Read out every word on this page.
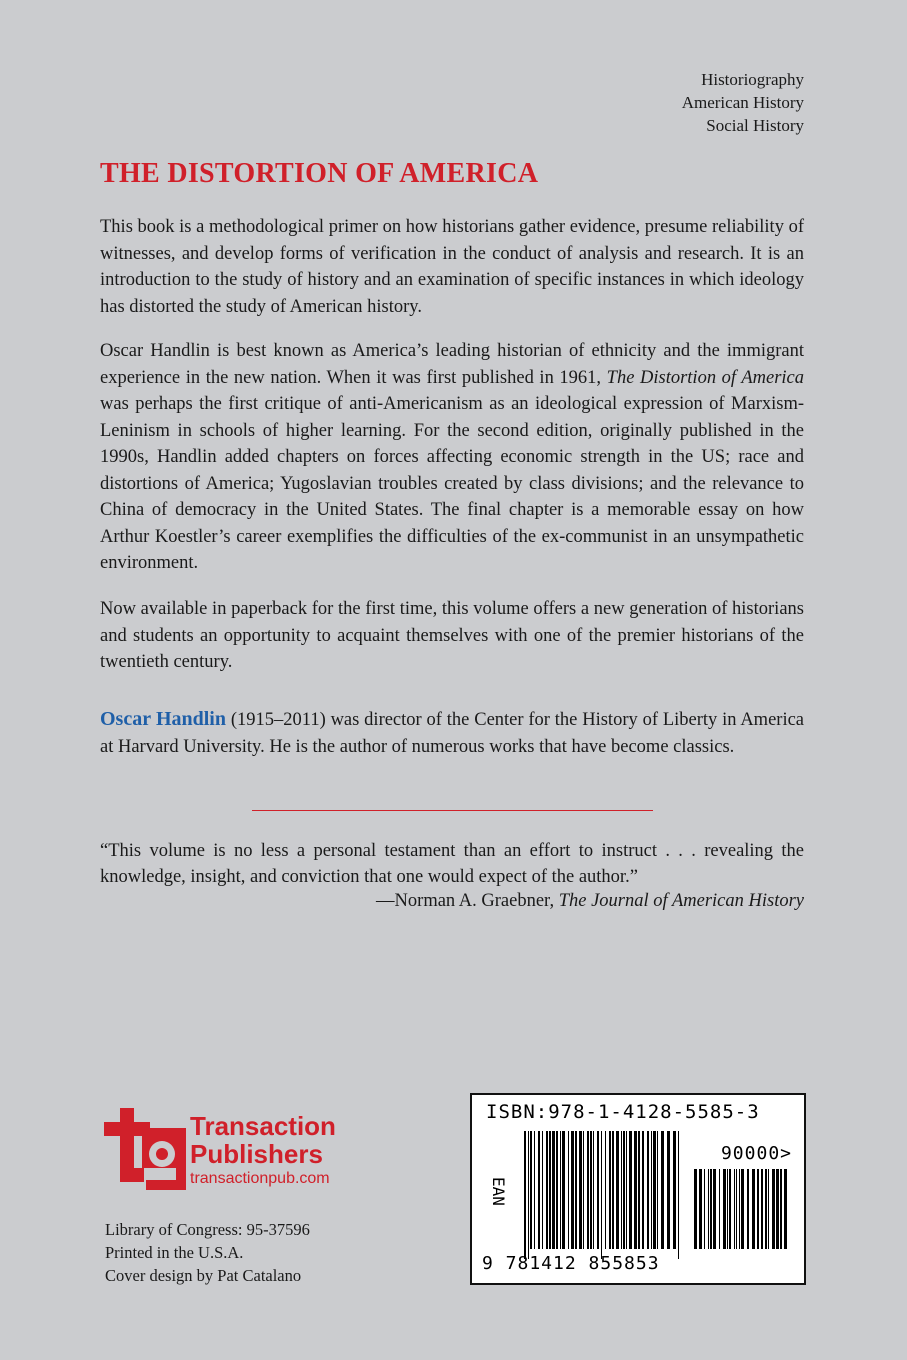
Historiography
American History
Social History
THE DISTORTION OF AMERICA

This book is a methodological primer on how historians gather evidence, presume reliability of witnesses, and develop forms of verification in the conduct of analysis and research. It is an introduction to the study of history and an examination of specific instances in which ideology has distorted the study of American history.

Oscar Handlin is best known as America’s leading historian of ethnicity and the immigrant experience in the new nation. When it was first published in 1961, The Distortion of America was perhaps the first critique of anti-Americanism as an ideological expression of Marxism-Leninism in schools of higher learning. For the second edition, originally published in the 1990s, Handlin added chapters on forces affecting economic strength in the US; race and distortions of America; Yugoslavian troubles created by class divisions; and the relevance to China of democracy in the United States. The final chapter is a memorable essay on how Arthur Koestler’s career exemplifies the difficulties of the ex-communist in an unsympathetic environment.

Now available in paperback for the first time, this volume offers a new generation of historians and students an opportunity to acquaint themselves with one of the premier historians of the twentieth century.

Oscar Handlin (1915–2011) was director of the Center for the History of Liberty in America at Harvard University. He is the author of numerous works that have become classics.

“This volume is no less a personal testament than an effort to instruct . . . revealing the knowledge, insight, and conviction that one would expect of the author.”

—Norman A. Graebner, The Journal of American History
Transaction
Publishers
transactionpub.com
Library of Congress: 95-37596
Printed in the U.S.A.
Cover design by Pat Catalano
ISBN:978-1-4128-5585-3
EAN
90000>
9 781412 855853
